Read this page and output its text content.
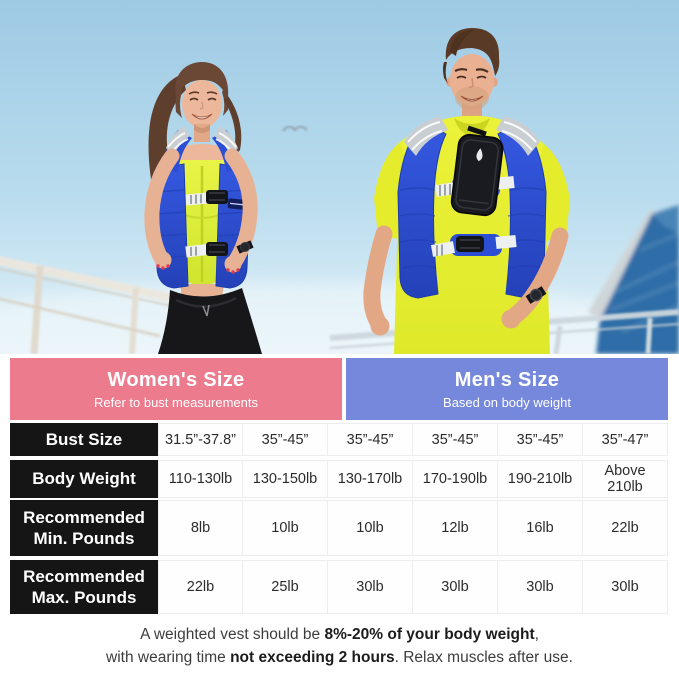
Women's Size
Refer to bust measurements
Men's Size
Based on body weight
Bust Size	31.5”-37.8”	35”-45”	35”-45”	35”-45”	35”-45”	35”-47”
Body Weight	110-130lb	130-150lb	130-170lb	170-190lb	190-210lb	Above 210lb
Recommended Min. Pounds
8lb	10lb	10lb	12lb	16lb	22lb
Recommended Max. Pounds
22lb	25lb	30lb	30lb	30lb	30lb
A weighted vest should be 8%-20% of your body weight,
with wearing time not exceeding 2 hours. Relax muscles after use.
